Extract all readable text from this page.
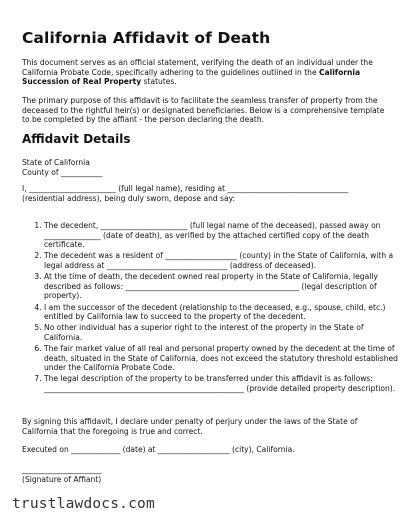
California Affidavit of Death

This document serves as an official statement, verifying the death of an individual under the California Probate Code, specifically adhering to the guidelines outlined in the California Succession of Real Property statutes.

The primary purpose of this affidavit is to facilitate the seamless transfer of property from the deceased to the rightful heir(s) or designated beneficiaries. Below is a comprehensive template to be completed by the affiant - the person declaring the death.

Affidavit Details

State of California

County of ___________

I, _______________________ (full legal name), residing at ________________________________ (residential address), being duly sworn, depose and say:

1. The decedent, _______________________ (full legal name of the deceased), passed away on _______________ (date of death), as verified by the attached certified copy of the death certificate.
2. The decedent was a resident of ___________________ (county) in the State of California, with a legal address at ________________________________ (address of deceased).
3. At the time of death, the decedent owned real property in the State of California, legally described as follows: ______________________________________________ (legal description of property).
4. I am the successor of the decedent (relationship to the deceased, e.g., spouse, child, etc.) entitled by California law to succeed to the property of the decedent.
5. No other individual has a superior right to the interest of the property in the State of California.
6. The fair market value of all real and personal property owned by the decedent at the time of death, situated in the State of California, does not exceed the statutory threshold established under the California Probate Code.
7. The legal description of the property to be transferred under this affidavit is as follows: _____________________________________________________ (provide detailed property description).

By signing this affidavit, I declare under penalty of perjury under the laws of the State of California that the foregoing is true and correct.

Executed on _____________ (date) at ___________________ (city), California.

_____________________

(Signature of Affiant)

trustlawdocs.com
